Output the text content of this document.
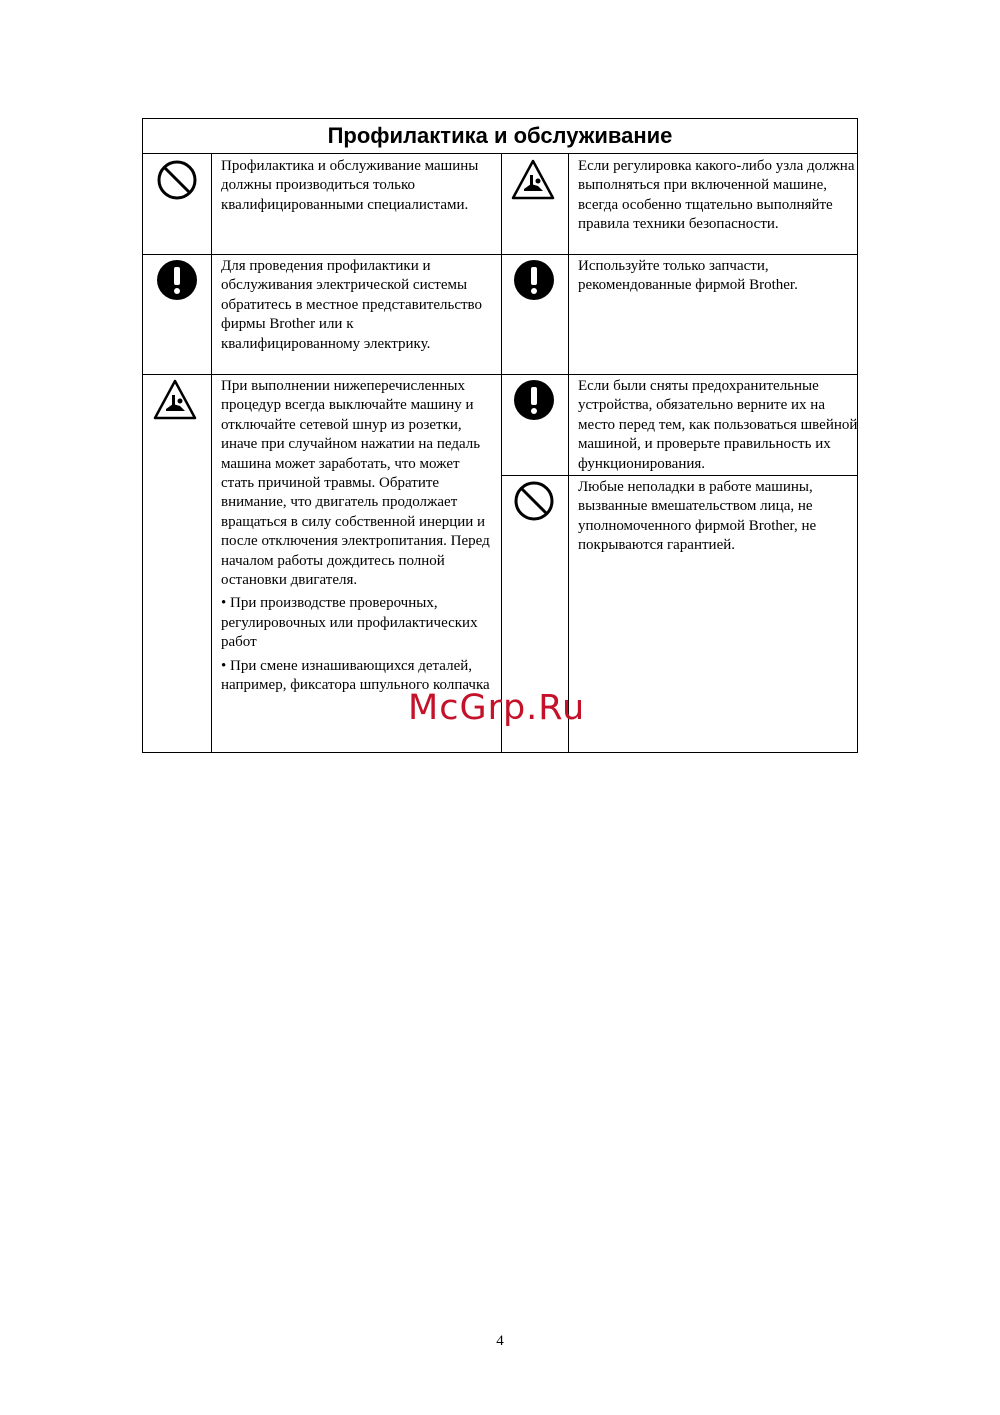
Профилактика и обслуживание
Профилактика и обслуживание машины должны производиться только квалифицированными специалистами.
Если регулировка какого-либо узла должна выполняться при включенной машине, всегда особенно тщательно выполняйте правила техники безопасности.
Для проведения профилактики и обслуживания электрической системы обратитесь в местное представительство фирмы Brother или к квалифицированному электрику.
Используйте только запчасти, рекомендованные фирмой Brother.

При выполнении нижеперечисленных процедур всегда выключайте машину и отключайте сетевой шнур из розетки, иначе при случайном нажатии на педаль машина может заработать, что может стать причиной травмы. Обратите внимание, что двигатель продолжает вращаться в силу собственной инерции и после отключения электропитания. Перед началом работы дождитесь полной остановки двигателя.

• При производстве проверочных, регулировочных или профилактических работ

• При смене изнашивающихся деталей, например, фиксатора шпульного колпачка

Если были сняты предохранительные устройства, обязательно верните их на место перед тем, как пользоваться швейной машиной, и проверьте правильность их функционирования.
Любые неполадки в работе машины, вызванные вмешательством лица, не уполномоченного фирмой Brother, не покрываются гарантией.
McGrp.Ru
4
